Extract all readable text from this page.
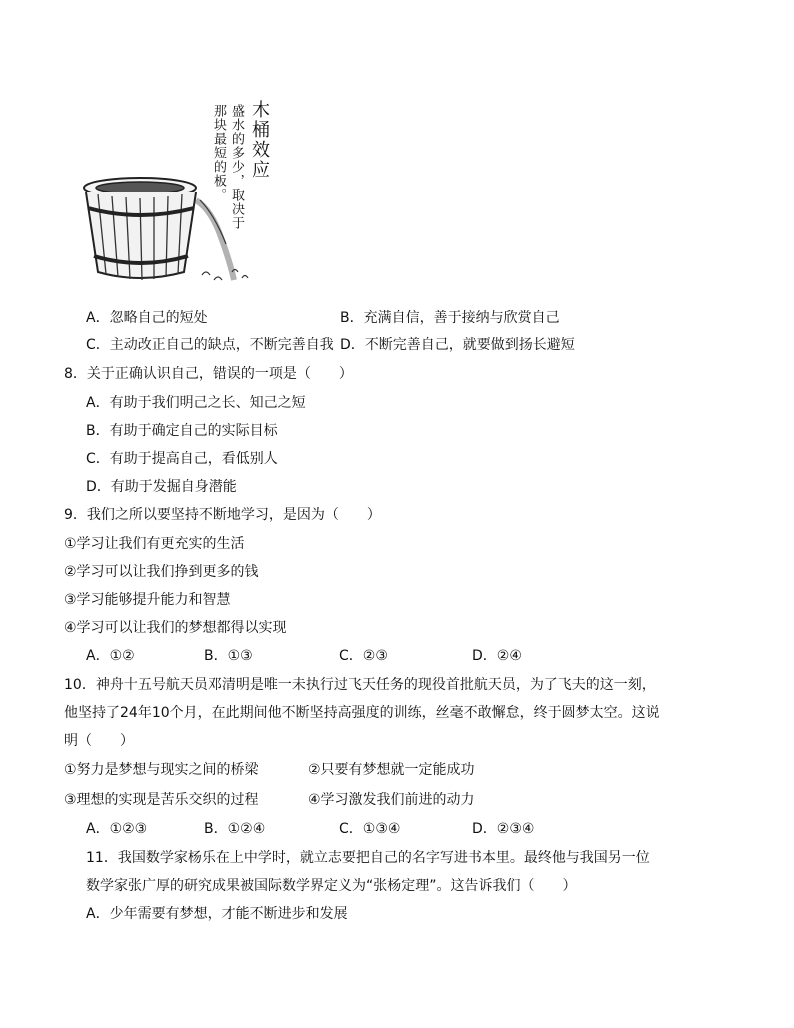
木桶效应
盛水的多少，取决于
那块最短的板。
A．忽略自己的短处	B．充满自信，善于接纳与欣赏自己
C．主动改正自己的缺点，不断完善自我 D．不断完善自己，就要做到扬长避短
8．关于正确认识自己，错误的一项是（　　）
A．有助于我们明己之长、知己之短
B．有助于确定自己的实际目标
C．有助于提高自己，看低别人
D．有助于发掘自身潜能
9．我们之所以要坚持不断地学习，是因为（　　）
①学习让我们有更充实的生活
②学习可以让我们挣到更多的钱
③学习能够提升能力和智慧
④学习可以让我们的梦想都得以实现
A．①②	B．①③	C．②③	D．②④
10．神舟十五号航天员邓清明是唯一未执行过飞天任务的现役首批航天员，为了飞夫的这一刻，
他坚持了24年10个月，在此期间他不断坚持高强度的训练，丝毫不敢懈怠，终于圆梦太空。这说
明（　　）
①努力是梦想与现实之间的桥梁	②只要有梦想就一定能成功
③理想的实现是苦乐交织的过程	④学习激发我们前进的动力
A．①②③	B．①②④	C．①③④	D．②③④
11．我国数学家杨乐在上中学时，就立志要把自己的名字写进书本里。最终他与我国另一位
数学家张广厚的研究成果被国际数学界定义为“张杨定理”。这告诉我们（　　）
A．少年需要有梦想，才能不断进步和发展
